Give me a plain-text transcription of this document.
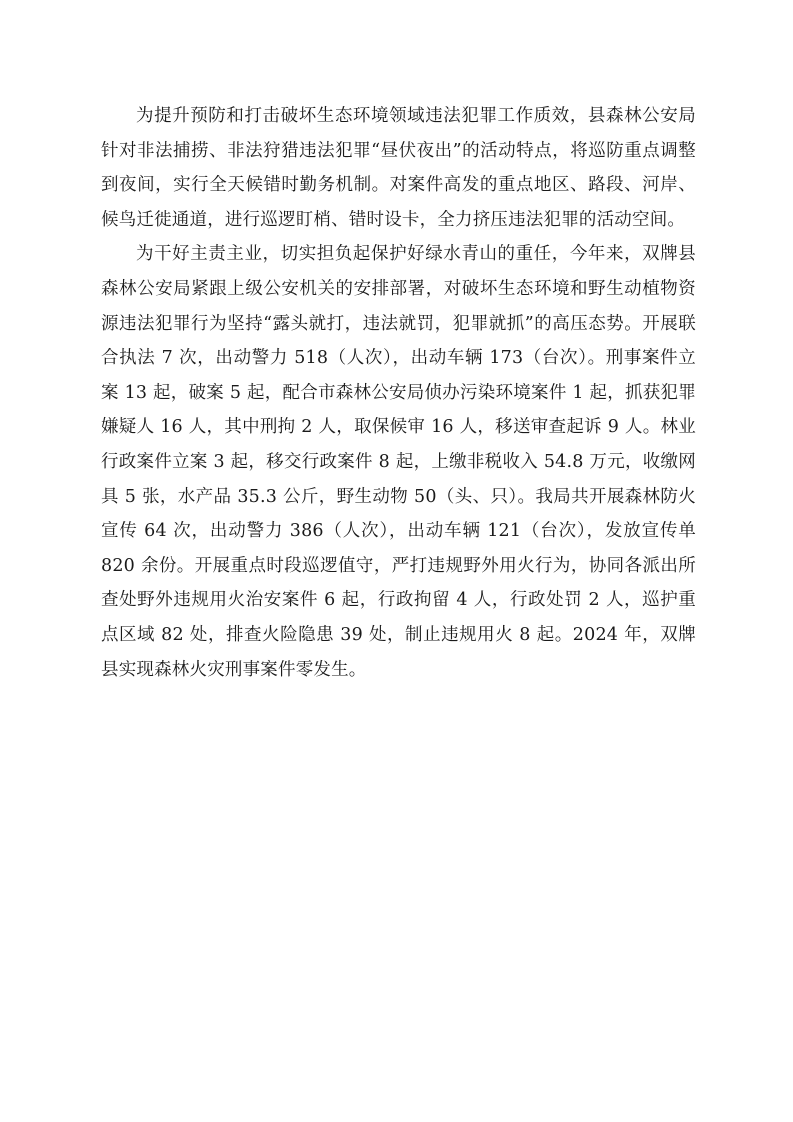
为提升预防和打击破坏生态环境领域违法犯罪工作质效，县森林公安局针对非法捕捞、非法狩猎违法犯罪“昼伏夜出”的活动特点，将巡防重点调整到夜间，实行全天候错时勤务机制。对案件高发的重点地区、路段、河岸、候鸟迁徙通道，进行巡逻盯梢、错时设卡，全力挤压违法犯罪的活动空间。

为干好主责主业，切实担负起保护好绿水青山的重任，今年来，双牌县森林公安局紧跟上级公安机关的安排部署，对破坏生态环境和野生动植物资源违法犯罪行为坚持“露头就打，违法就罚，犯罪就抓”的高压态势。开展联合执法 7 次，出动警力 518（人次），出动车辆 173（台次）。刑事案件立案 13 起，破案 5 起，配合市森林公安局侦办污染环境案件 1 起，抓获犯罪嫌疑人 16 人，其中刑拘 2 人，取保候审 16 人，移送审查起诉 9 人。林业行政案件立案 3 起，移交行政案件 8 起，上缴非税收入 54.8 万元，收缴网具 5 张，水产品 35.3 公斤，野生动物 50（头、只）。我局共开展森林防火宣传 64 次，出动警力 386（人次），出动车辆 121（台次），发放宣传单 820 余份。开展重点时段巡逻值守，严打违规野外用火行为，协同各派出所查处野外违规用火治安案件 6 起，行政拘留 4 人，行政处罚 2 人，巡护重点区域 82 处，排查火险隐患 39 处，制止违规用火 8 起。2024 年，双牌县实现森林火灾刑事案件零发生。
